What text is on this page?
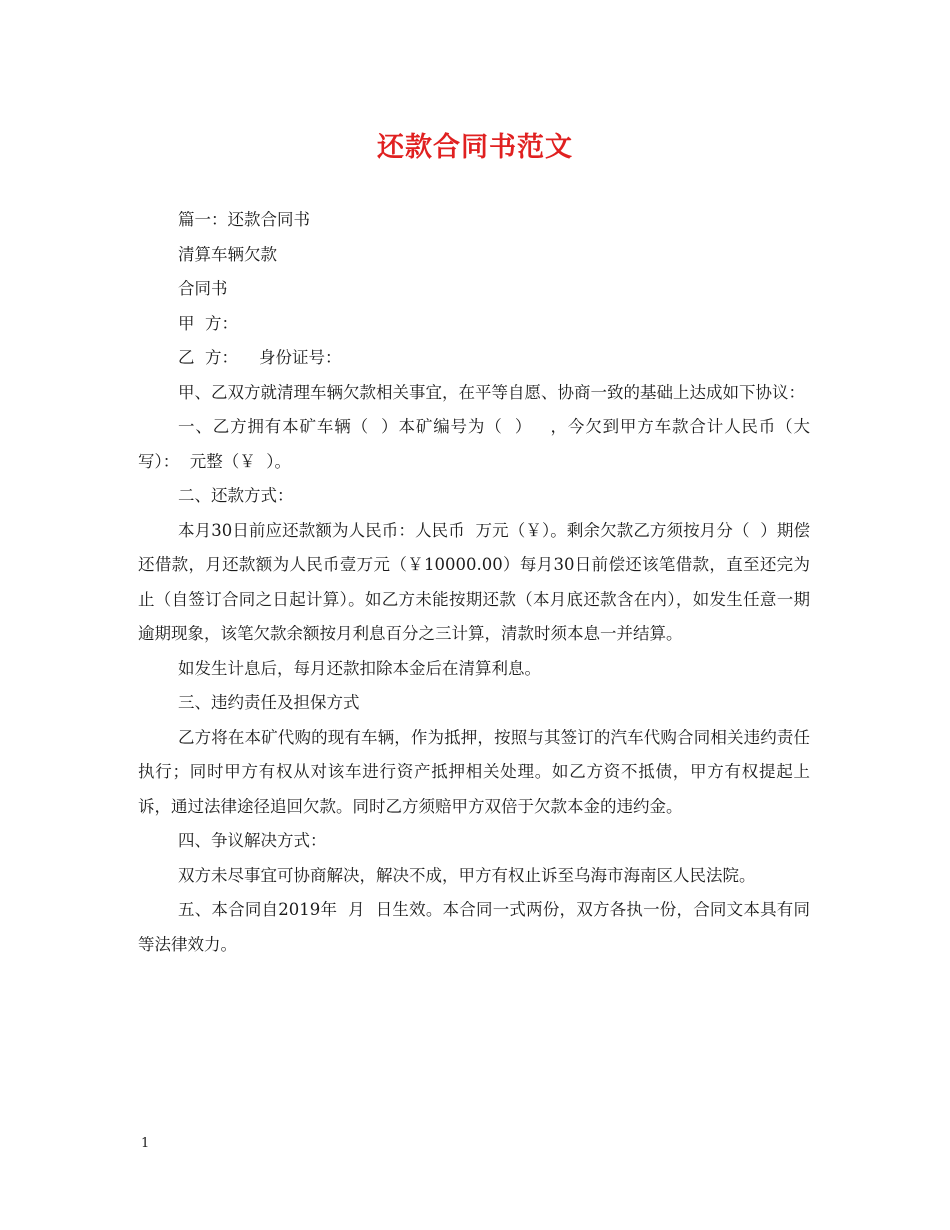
还款合同书范文
篇一：还款合同书
清算车辆欠款
合同书
甲  方：
乙  方：    身份证号：

甲、乙双方就清理车辆欠款相关事宜，在平等自愿、协商一致的基础上达成如下协议：

一、乙方拥有本矿车辆（  ）本矿编号为（  ）   ，今欠到甲方车款合计人民币（大写）：  元整（￥  ）。

二、还款方式：

本月30日前应还款额为人民币：人民币  万元（￥）。剩余欠款乙方须按月分（  ）期偿还借款，月还款额为人民币壹万元（￥10000.00）每月30日前偿还该笔借款，直至还完为止（自签订合同之日起计算）。如乙方未能按期还款（本月底还款含在内），如发生任意一期逾期现象，该笔欠款余额按月利息百分之三计算，清款时须本息一并结算。

如发生计息后，每月还款扣除本金后在清算利息。

三、违约责任及担保方式

乙方将在本矿代购的现有车辆，作为抵押，按照与其签订的汽车代购合同相关违约责任执行；同时甲方有权从对该车进行资产抵押相关处理。如乙方资不抵债，甲方有权提起上诉，通过法律途径追回欠款。同时乙方须赔甲方双倍于欠款本金的违约金。

四、争议解决方式：

双方未尽事宜可协商解决，解决不成，甲方有权止诉至乌海市海南区人民法院。

五、本合同自2019年  月  日生效。本合同一式两份，双方各执一份，合同文本具有同等法律效力。

1
